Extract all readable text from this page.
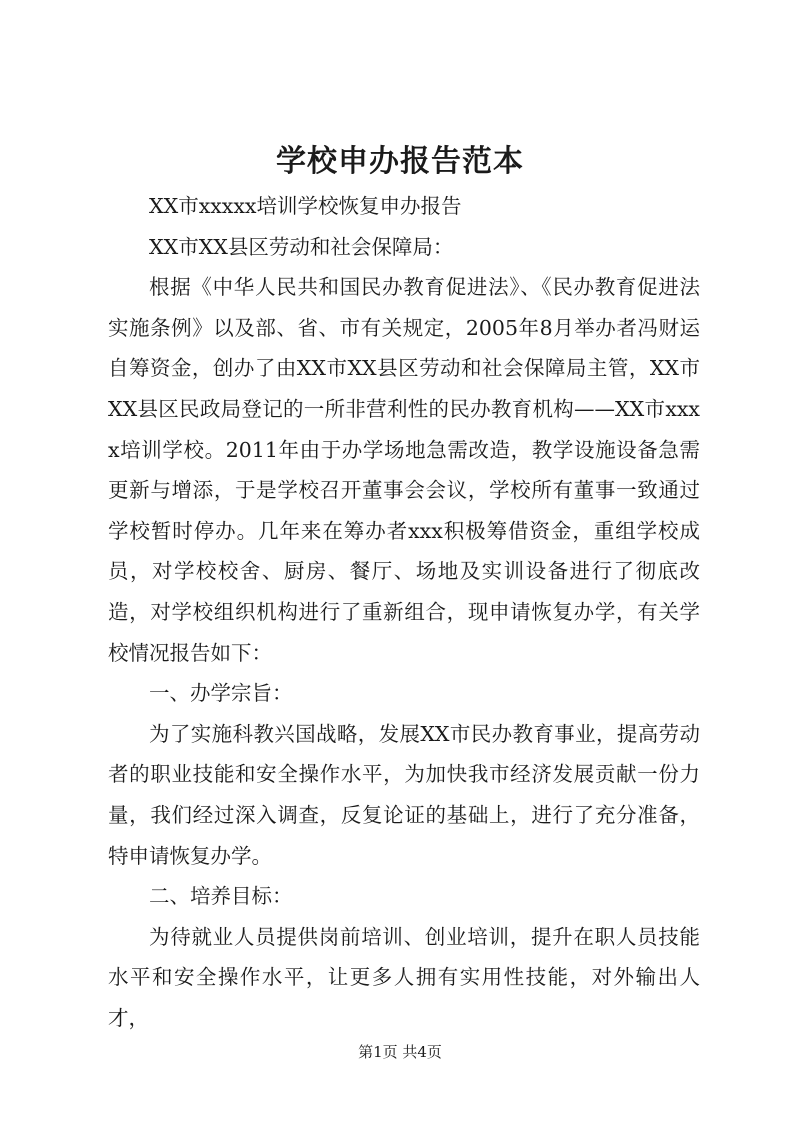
学校申办报告范本

XX市xxxxx培训学校恢复申办报告

XX市XX县区劳动和社会保障局：

根据《中华人民共和国民办教育促进法》、《民办教育促进法实施条例》以及部、省、市有关规定，2005年8月举办者冯财运自筹资金，创办了由XX市XX县区劳动和社会保障局主管，XX市XX县区民政局登记的一所非营利性的民办教育机构——XX市xxxx培训学校。2011年由于办学场地急需改造，教学设施设备急需更新与增添，于是学校召开董事会会议，学校所有董事一致通过学校暂时停办。几年来在筹办者xxx积极筹借资金，重组学校成员，对学校校舍、厨房、餐厅、场地及实训设备进行了彻底改造，对学校组织机构进行了重新组合，现申请恢复办学，有关学校情况报告如下：

一、办学宗旨：

为了实施科教兴国战略，发展XX市民办教育事业，提高劳动者的职业技能和安全操作水平，为加快我市经济发展贡献一份力量，我们经过深入调查，反复论证的基础上，进行了充分准备，特申请恢复办学。

二、培养目标：

为待就业人员提供岗前培训、创业培训，提升在职人员技能水平和安全操作水平，让更多人拥有实用性技能，对外输出人才，

第1页 共4页
